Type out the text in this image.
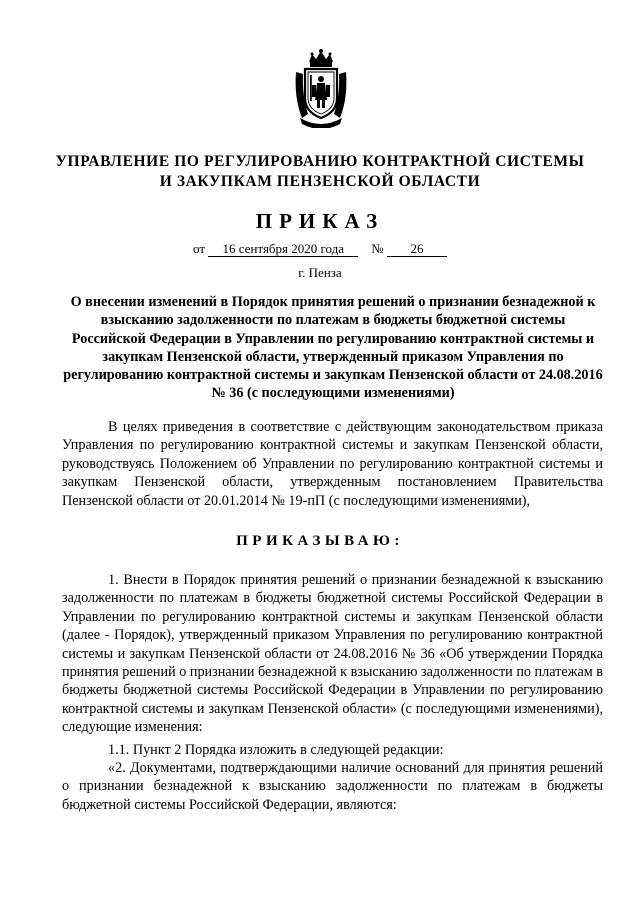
УПРАВЛЕНИЕ ПО РЕГУЛИРОВАНИЮ КОНТРАКТНОЙ СИСТЕМЫ
И ЗАКУПКАМ ПЕНЗЕНСКОЙ ОБЛАСТИ
ПРИКАЗ
от 16 сентября 2020 года № 26
г. Пенза
О внесении изменений в Порядок принятия решений о признании безнадежной к взысканию задолженности по платежам в бюджеты бюджетной системы Российской Федерации в Управлении по регулированию контрактной системы и закупкам Пензенской области, утвержденный приказом Управления по регулированию контрактной системы и закупкам Пензенской области от 24.08.2016 № 36 (с последующими изменениями)
В целях приведения в соответствие с действующим законодательством приказа Управления по регулированию контрактной системы и закупкам Пензенской области, руководствуясь Положением об Управлении по регулированию контрактной системы и закупкам Пензенской области, утвержденным постановлением Правительства Пензенской области от 20.01.2014 № 19-пП (с последующими изменениями),
ПРИКАЗЫВАЮ:
1. Внести в Порядок принятия решений о признании безнадежной к взысканию задолженности по платежам в бюджеты бюджетной системы Российской Федерации в Управлении по регулированию контрактной системы и закупкам Пензенской области (далее - Порядок), утвержденный приказом Управления по регулированию контрактной системы и закупкам Пензенской области от 24.08.2016 № 36 «Об утверждении Порядка принятия решений о признании безнадежной к взысканию задолженности по платежам в бюджеты бюджетной системы Российской Федерации в Управлении по регулированию контрактной системы и закупкам Пензенской области» (с последующими изменениями), следующие изменения:
1.1. Пункт 2 Порядка изложить в следующей редакции:
«2. Документами, подтверждающими наличие оснований для принятия решений о признании безнадежной к взысканию задолженности по платежам в бюджеты бюджетной системы Российской Федерации, являются:
